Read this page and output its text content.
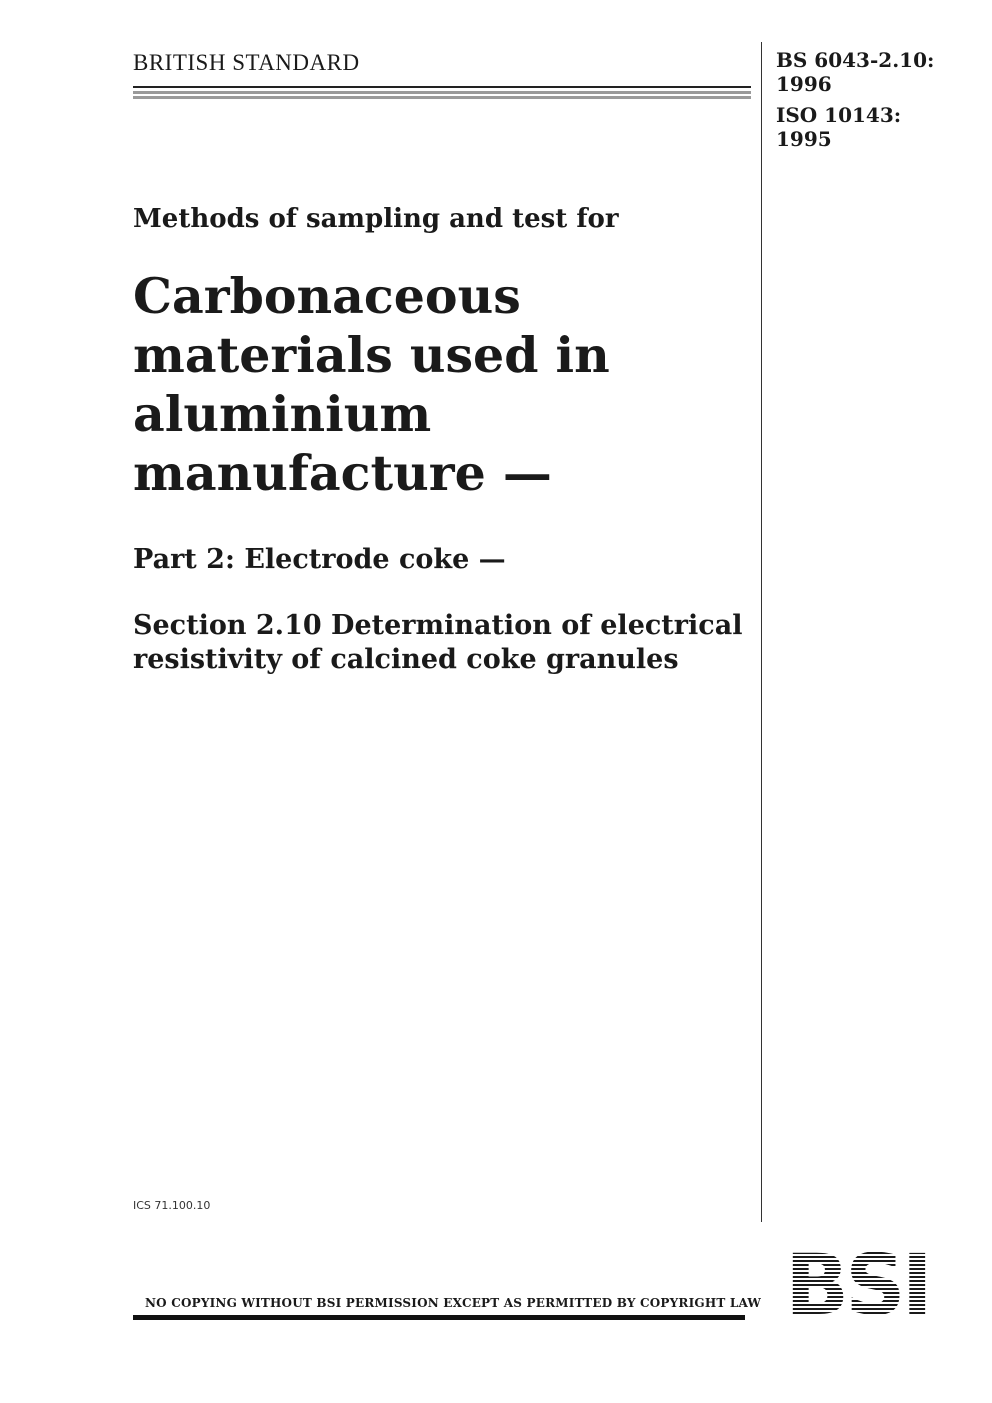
BRITISH STANDARD	BS 6043-2.10:
1996
ISO 10143:
1995
Methods of sampling and test for
Carbonaceous
materials used in
aluminium
manufacture —
Part 2: Electrode coke —
Section 2.10 Determination of electrical
resistivity of calcined coke granules
ICS 71.100.10
NO COPYING WITHOUT BSI PERMISSION EXCEPT AS PERMITTED BY COPYRIGHT LAW BSI
